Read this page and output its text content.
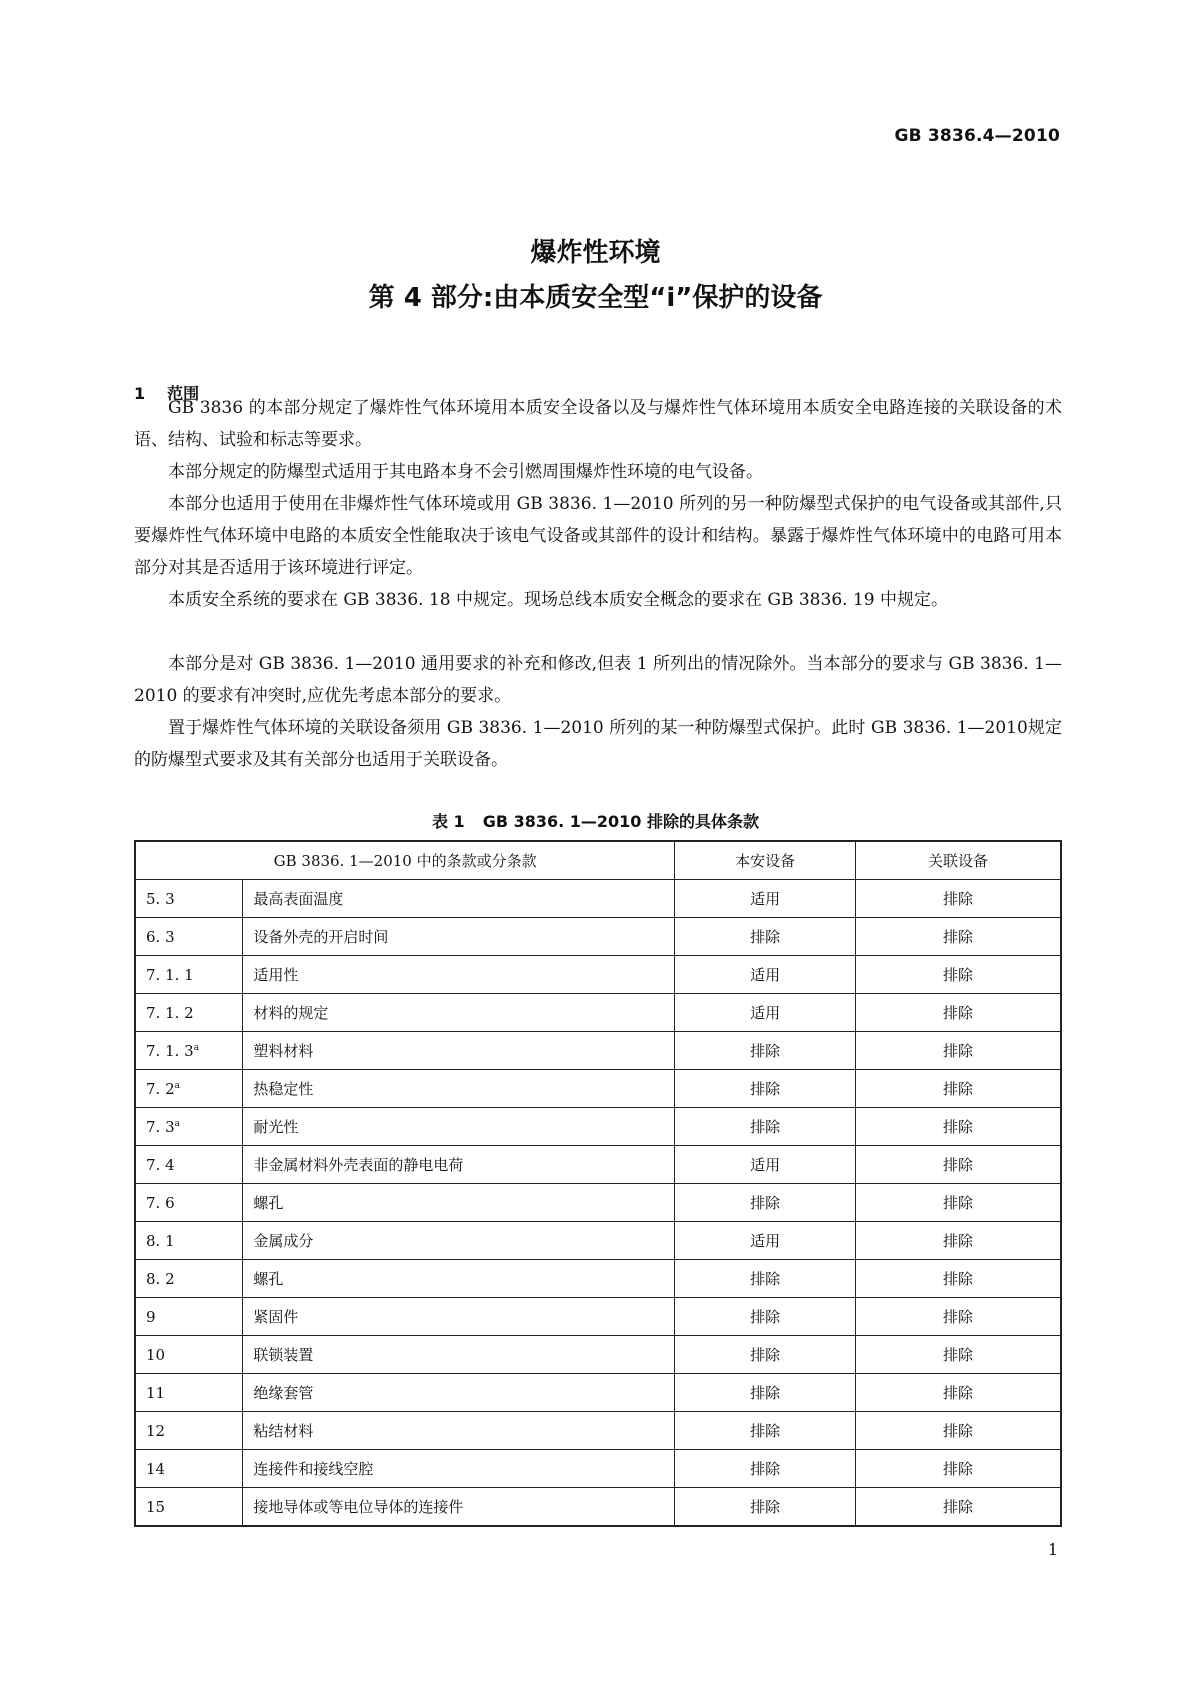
GB 3836.4—2010
爆炸性环境
第 4 部分:由本质安全型“i”保护的设备
1 范围

GB 3836 的本部分规定了爆炸性气体环境用本质安全设备以及与爆炸性气体环境用本质安全电路连接的关联设备的术语、结构、试验和标志等要求。

本部分规定的防爆型式适用于其电路本身不会引燃周围爆炸性环境的电气设备。

本部分也适用于使用在非爆炸性气体环境或用 GB 3836. 1—2010 所列的另一种防爆型式保护的电气设备或其部件,只要爆炸性气体环境中电路的本质安全性能取决于该电气设备或其部件的设计和结构。暴露于爆炸性气体环境中的电路可用本部分对其是否适用于该环境进行评定。

本质安全系统的要求在 GB 3836. 18 中规定。现场总线本质安全概念的要求在 GB 3836. 19 中规定。

本部分是对 GB 3836. 1—2010 通用要求的补充和修改,但表 1 所列出的情况除外。当本部分的要求与 GB 3836. 1—2010 的要求有冲突时,应优先考虑本部分的要求。

置于爆炸性气体环境的关联设备须用 GB 3836. 1—2010 所列的某一种防爆型式保护。此时 GB 3836. 1—2010规定的防爆型式要求及其有关部分也适用于关联设备。

表 1 GB 3836. 1—2010 排除的具体条款
GB 3836. 1—2010 中的条款或分条款		本安设备	关联设备
5. 3	最高表面温度	适用	排除
6. 3	设备外壳的开启时间	排除	排除
7. 1. 1	适用性	适用	排除
7. 1. 2	材料的规定	适用	排除
7. 1. 3$^a$	塑料材料	排除	排除
7. 2$^a$	热稳定性	排除	排除
7. 3$^a$	耐光性	排除	排除
7. 4	非金属材料外壳表面的静电电荷	适用	排除
7. 6	螺孔	排除	排除
8. 1	金属成分	适用	排除
8. 2	螺孔	排除	排除
9	紧固件	排除	排除
10	联锁装置	排除	排除
11	绝缘套管	排除	排除
12	粘结材料	排除	排除
14	连接件和接线空腔	排除	排除
15	接地导体或等电位导体的连接件	排除	排除
1
